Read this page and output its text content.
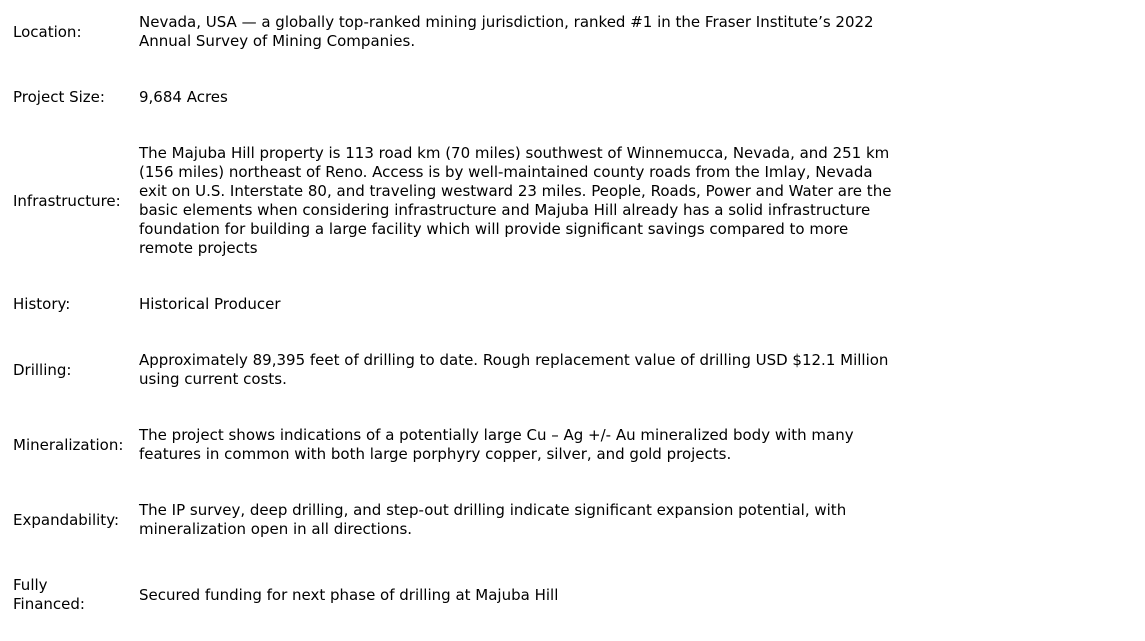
Location:
Nevada, USA — a globally top-ranked mining jurisdiction, ranked #1 in the Fraser Institute’s 2022 Annual Survey of Mining Companies.
Project Size:	9,684 Acres
Infrastructure:
The Majuba Hill property is 113 road km (70 miles) southwest of Winnemucca, Nevada, and 251 km (156 miles) northeast of Reno. Access is by well-maintained county roads from the Imlay, Nevada exit on U.S. Interstate 80, and traveling westward 23 miles. People, Roads, Power and Water are the basic elements when considering infrastructure and Majuba Hill already has a solid infrastructure foundation for building a large facility which will provide significant savings compared to more remote projects
History:	Historical Producer
Drilling:
Approximately 89,395 feet of drilling to date. Rough replacement value of drilling USD $12.1 Million using current costs.
Mineralization:
The project shows indications of a potentially large Cu – Ag +/- Au mineralized body with many features in common with both large porphyry copper, silver, and gold projects.
Expandability:
The IP survey, deep drilling, and step-out drilling indicate significant expansion potential, with mineralization open in all directions.
Fully Financed:	Secured funding for next phase of drilling at Majuba Hill
